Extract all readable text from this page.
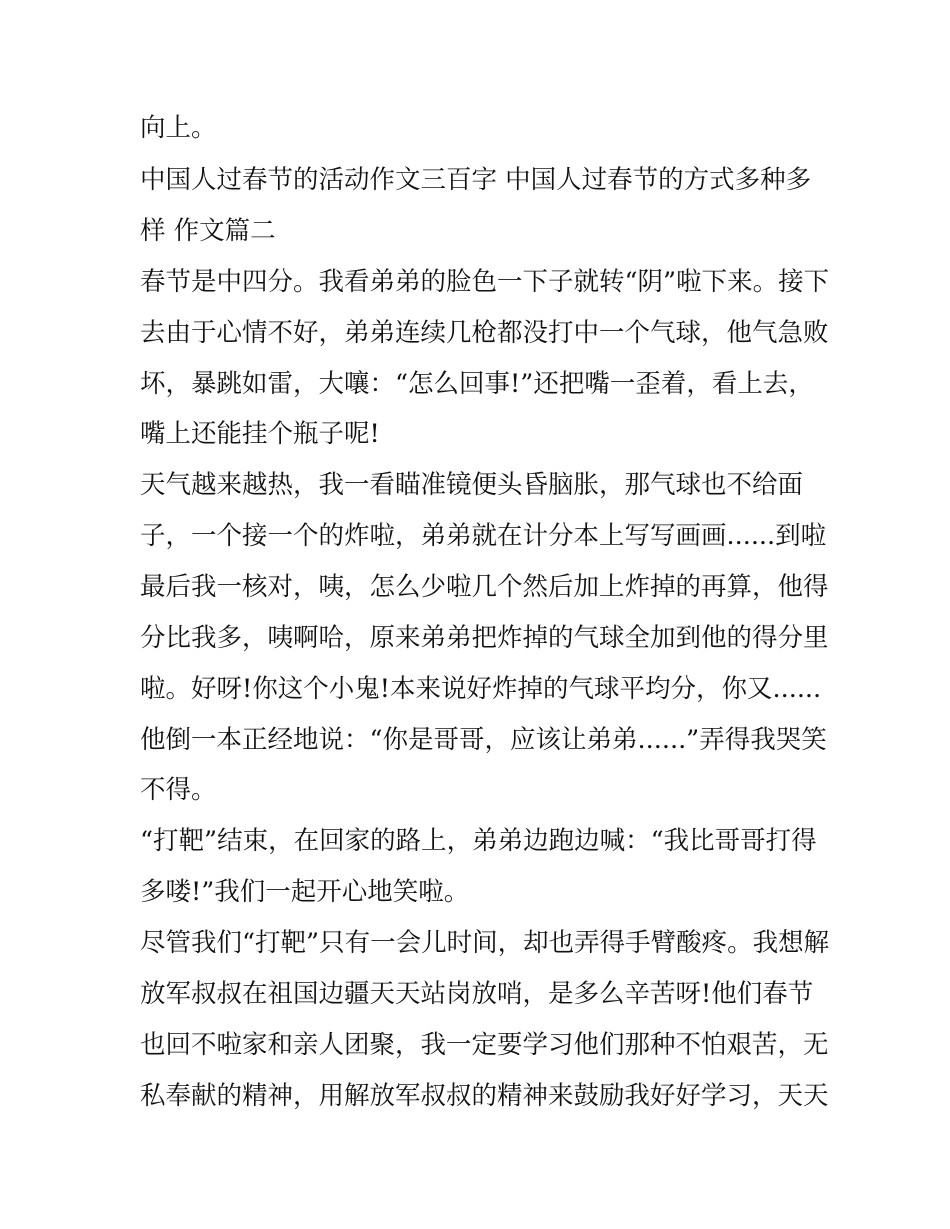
向上。
中国人过春节的活动作文三百字 中国人过春节的方式多种多
样 作文篇二
春节是中四分。我看弟弟的脸色一下子就转“阴”啦下来。接下
去由于心情不好，弟弟连续几枪都没打中一个气球，他气急败
坏，暴跳如雷，大嚷：“怎么回事!”还把嘴一歪着，看上去，
嘴上还能挂个瓶子呢!
天气越来越热，我一看瞄准镜便头昏脑胀，那气球也不给面
子，一个接一个的炸啦，弟弟就在计分本上写写画画......到啦
最后我一核对，咦，怎么少啦几个然后加上炸掉的再算，他得
分比我多，咦啊哈，原来弟弟把炸掉的气球全加到他的得分里
啦。好呀!你这个小鬼!本来说好炸掉的气球平均分，你又......
他倒一本正经地说：“你是哥哥，应该让弟弟......”弄得我哭笑
不得。
“打靶”结束，在回家的路上，弟弟边跑边喊：“我比哥哥打得
多喽!”我们一起开心地笑啦。
尽管我们“打靶”只有一会儿时间，却也弄得手臂酸疼。我想解
放军叔叔在祖国边疆天天站岗放哨，是多么辛苦呀!他们春节
也回不啦家和亲人团聚，我一定要学习他们那种不怕艰苦，无
私奉献的精神，用解放军叔叔的精神来鼓励我好好学习，天天
